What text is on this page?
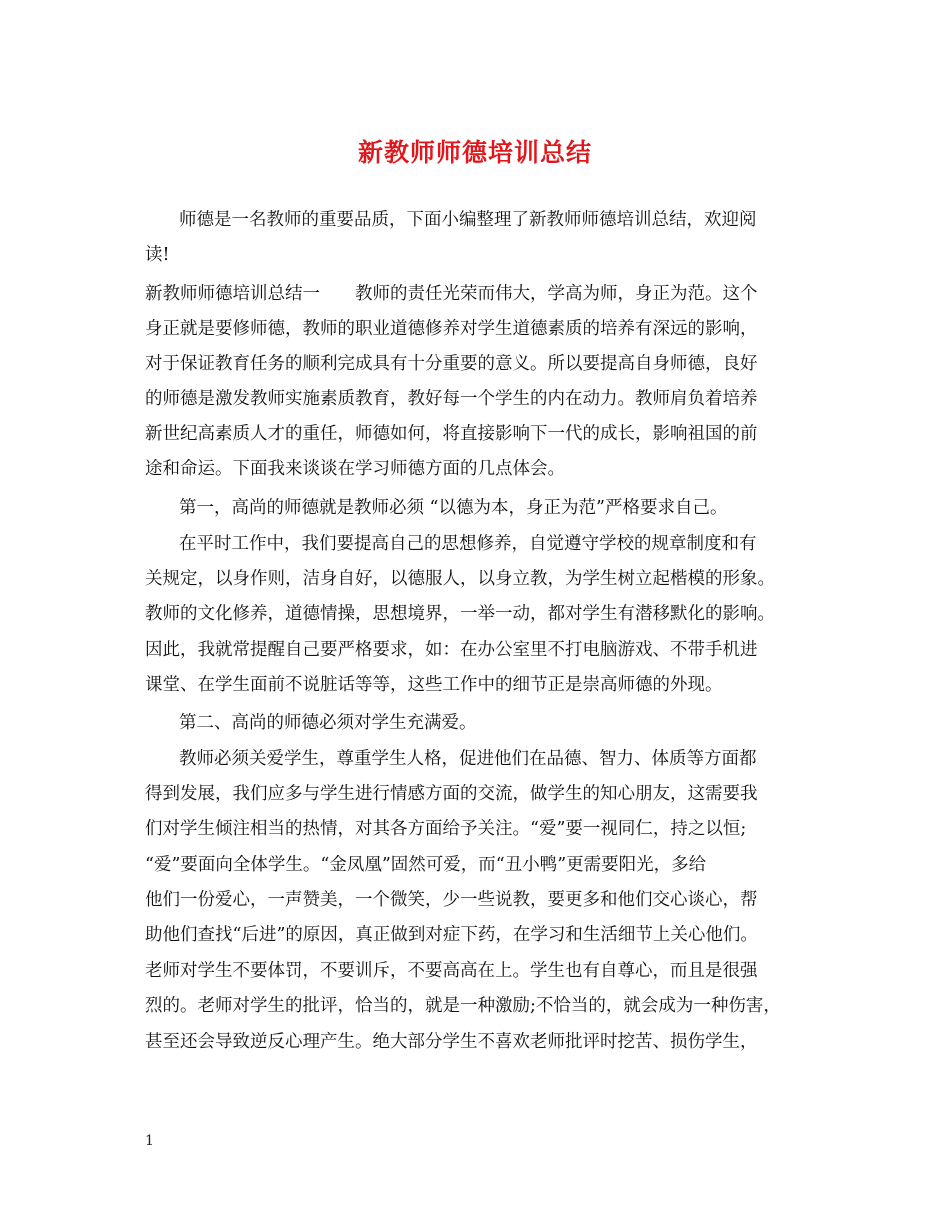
新教师师德培训总结
师德是一名教师的重要品质，下面小编整理了新教师师德培训总结，欢迎阅
读!
新教师师德培训总结一　　教师的责任光荣而伟大，学高为师，身正为范。这个
身正就是要修师德，教师的职业道德修养对学生道德素质的培养有深远的影响，
对于保证教育任务的顺利完成具有十分重要的意义。所以要提高自身师德，良好
的师德是激发教师实施素质教育，教好每一个学生的内在动力。教师肩负着培养
新世纪高素质人才的重任，师德如何，将直接影响下一代的成长，影响祖国的前
途和命运。下面我来谈谈在学习师德方面的几点体会。
第一，高尚的师德就是教师必须 “以德为本，身正为范”严格要求自己。
在平时工作中，我们要提高自己的思想修养，自觉遵守学校的规章制度和有
关规定，以身作则，洁身自好，以德服人，以身立教，为学生树立起楷模的形象。
教师的文化修养，道德情操，思想境界，一举一动，都对学生有潜移默化的影响。
因此，我就常提醒自己要严格要求，如：在办公室里不打电脑游戏、不带手机进
课堂、在学生面前不说脏话等等，这些工作中的细节正是崇高师德的外现。
第二、高尚的师德必须对学生充满爱。
教师必须关爱学生，尊重学生人格，促进他们在品德、智力、体质等方面都
得到发展，我们应多与学生进行情感方面的交流，做学生的知心朋友，这需要我
们对学生倾注相当的热情，对其各方面给予关注。“爱”要一视同仁，持之以恒;
“爱”要面向全体学生。“金凤凰”固然可爱，而“丑小鸭”更需要阳光，多给
他们一份爱心，一声赞美，一个微笑，少一些说教，要更多和他们交心谈心，帮
助他们查找“后进”的原因，真正做到对症下药，在学习和生活细节上关心他们。
老师对学生不要体罚，不要训斥，不要高高在上。学生也有自尊心，而且是很强
烈的。老师对学生的批评，恰当的，就是一种激励;不恰当的，就会成为一种伤害，
甚至还会导致逆反心理产生。绝大部分学生不喜欢老师批评时挖苦、损伤学生，
1
